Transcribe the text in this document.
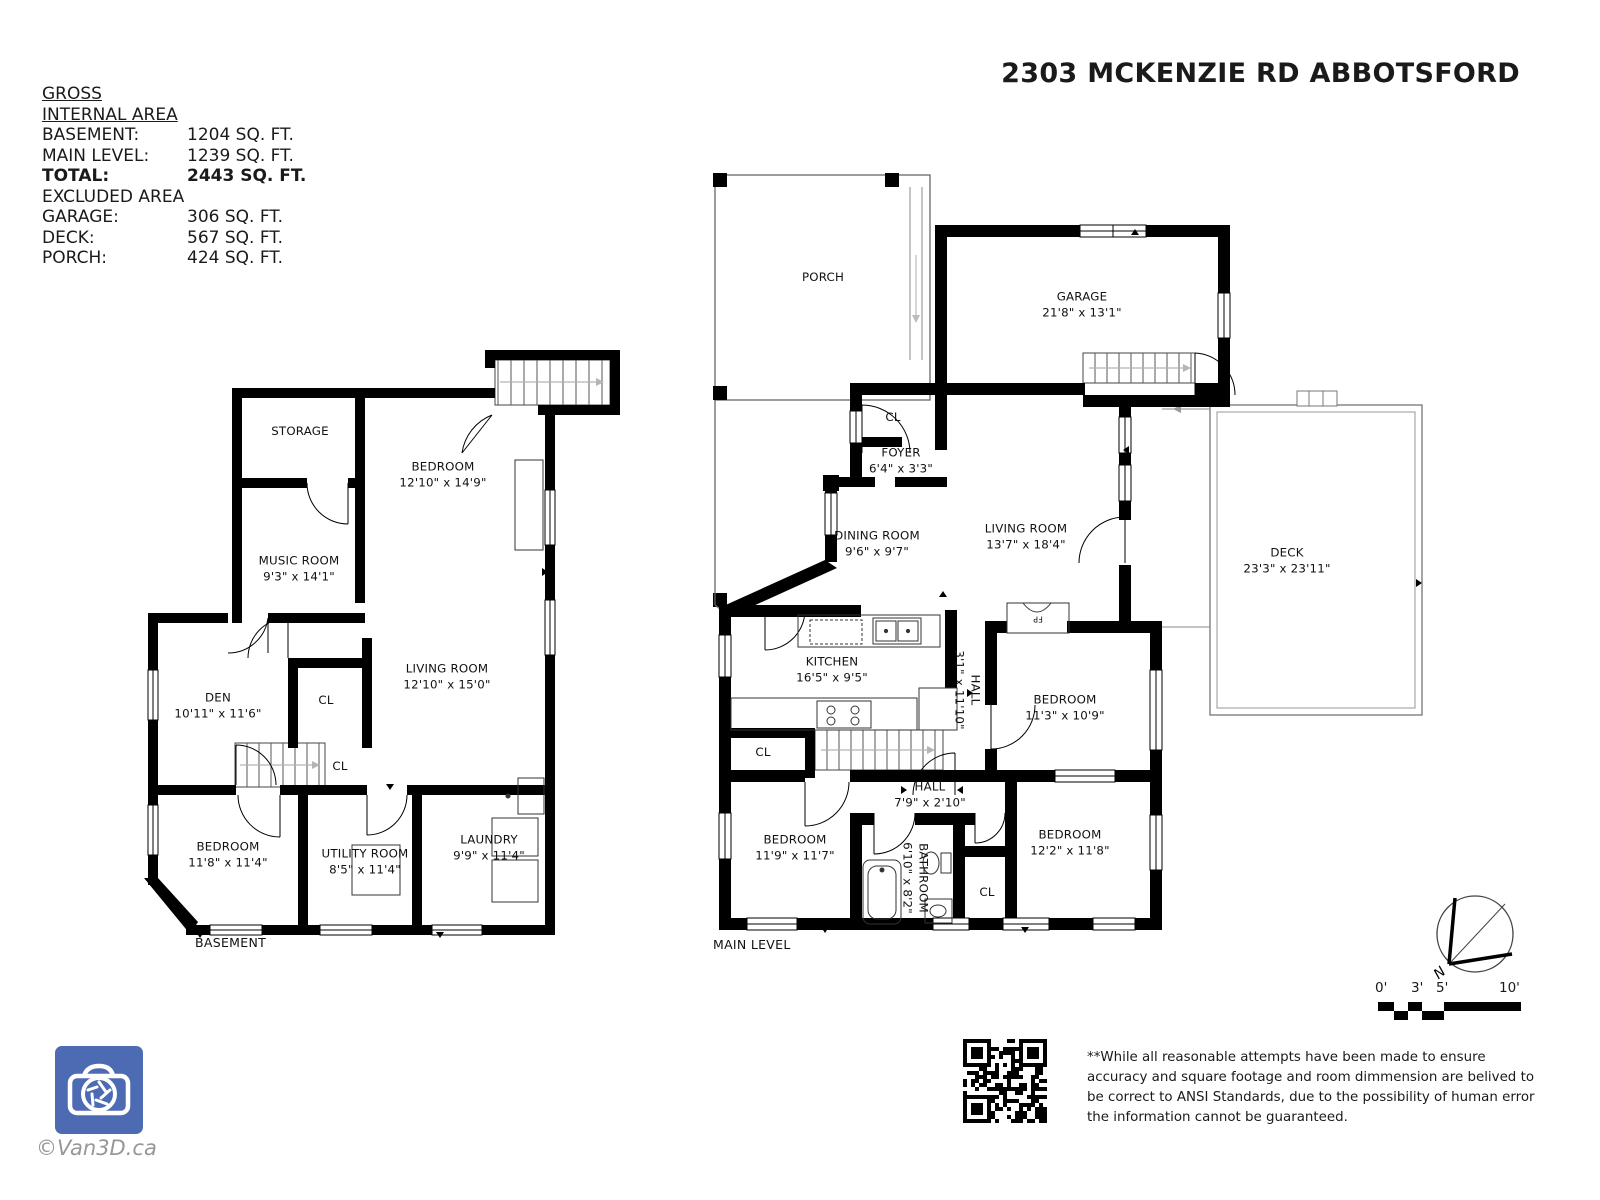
2303 MCKENZIE RD ABBOTSFORD
GROSS INTERNAL AREA
BASEMENT:	1204 SQ. FT.
MAIN LEVEL:	1239 SQ. FT.
TOTAL:	2443 SQ. FT.
EXCLUDED AREA
GARAGE:	306 SQ. FT.
DECK:	567 SQ. FT.
PORCH:	424 SQ. FT.
STORAGE
BEDROOM
12'10" x 14'9"
MUSIC ROOM
9'3" x 14'1"
DEN
10'11" x 11'6"
CL
LIVING ROOM
12'10" x 15'0"
CL
BEDROOM
11'8" x 11'4"
UTILITY ROOM
8'5" x 11'4"
LAUNDRY
9'9" x 11'4"
BASEMENT
PORCH
GARAGE
21'8" x 13'1"
CL
FOYER
6'4" x 3'3"
DINING ROOM
9'6" x 9'7"
LIVING ROOM
13'7" x 18'4"
DECK
23'3" x 23'11"
KITCHEN
16'5" x 9'5"	HALL
3'1" x 11'10"	BEDROOM
11'3" x 10'9"
CL
HALL
7'9" x 2'10"
BEDROOM
11'9" x 11'7"	BATHROOM
6'10" x 8'2"	CL
BEDROOM
12'2" x 11'8"
FP
MAIN LEVEL
©Van3D.ca
**While all reasonable attempts have been made to ensure accuracy and square footage and room dimmension are belived to be correct to ANSI Standards, due to the possibility of human error the information cannot be guaranteed.
N
0' 3' 5'	10'
